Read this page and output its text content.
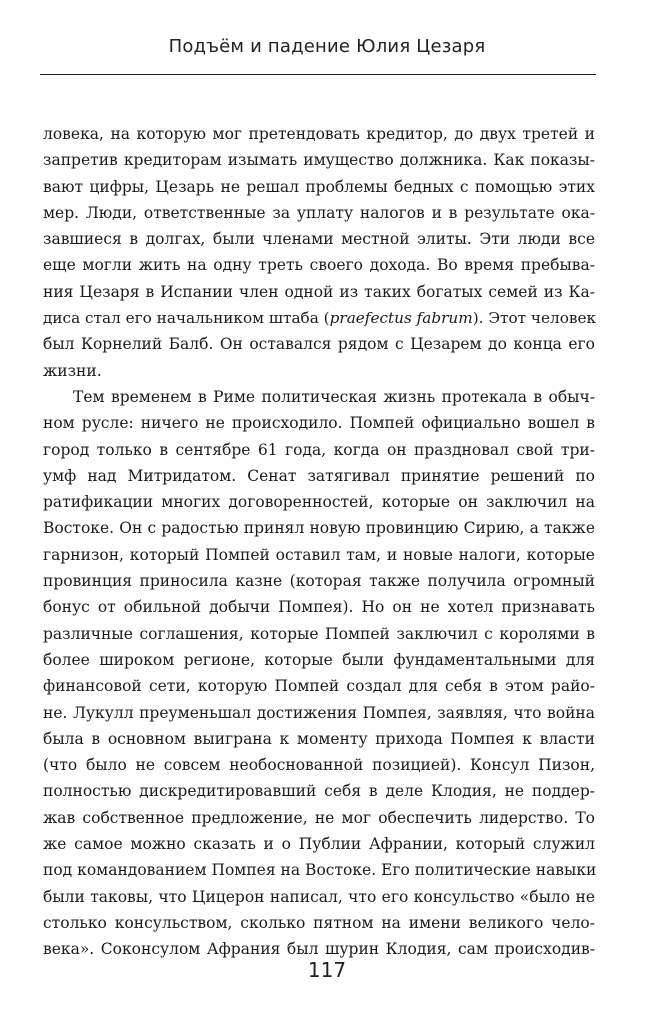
Подъём и падение Юлия Цезаря
ловека, на которую мог претендовать кредитор, до двух третей и
запретив кредиторам изымать имущество должника. Как показы-
вают цифры, Цезарь не решал проблемы бедных с помощью этих
мер. Люди, ответственные за уплату налогов и в результате ока-
завшиеся в долгах, были членами местной элиты. Эти люди все
еще могли жить на одну треть своего дохода. Во время пребыва-
ния Цезаря в Испании член одной из таких богатых семей из Ка-
диса стал его начальником штаба (praefectus fabrum). Этот человек
был Корнелий Балб. Он оставался рядом с Цезарем до конца его
жизни.
Тем временем в Риме политическая жизнь протекала в обыч-
ном русле: ничего не происходило. Помпей официально вошел в
город только в сентябре 61 года, когда он праздновал свой три-
умф над Митридатом. Сенат затягивал принятие решений по
ратификации многих договоренностей, которые он заключил на
Востоке. Он с радостью принял новую провинцию Сирию, а также
гарнизон, который Помпей оставил там, и новые налоги, которые
провинция приносила казне (которая также получила огромный
бонус от обильной добычи Помпея). Но он не хотел признавать
различные соглашения, которые Помпей заключил с королями в
более широком регионе, которые были фундаментальными для
финансовой сети, которую Помпей создал для себя в этом райо-
не. Лукулл преуменьшал достижения Помпея, заявляя, что война
была в основном выиграна к моменту прихода Помпея к власти
(что было не совсем необоснованной позицией). Консул Пизон,
полностью дискредитировавший себя в деле Клодия, не поддер-
жав собственное предложение, не мог обеспечить лидерство. То
же самое можно сказать и о Публии Афрании, который служил
под командованием Помпея на Востоке. Его политические навыки
были таковы, что Цицерон написал, что его консульство «было не
столько консульством, сколько пятном на имени великого чело-
века». Соконсулом Афрания был шурин Клодия, сам происходив-
117
